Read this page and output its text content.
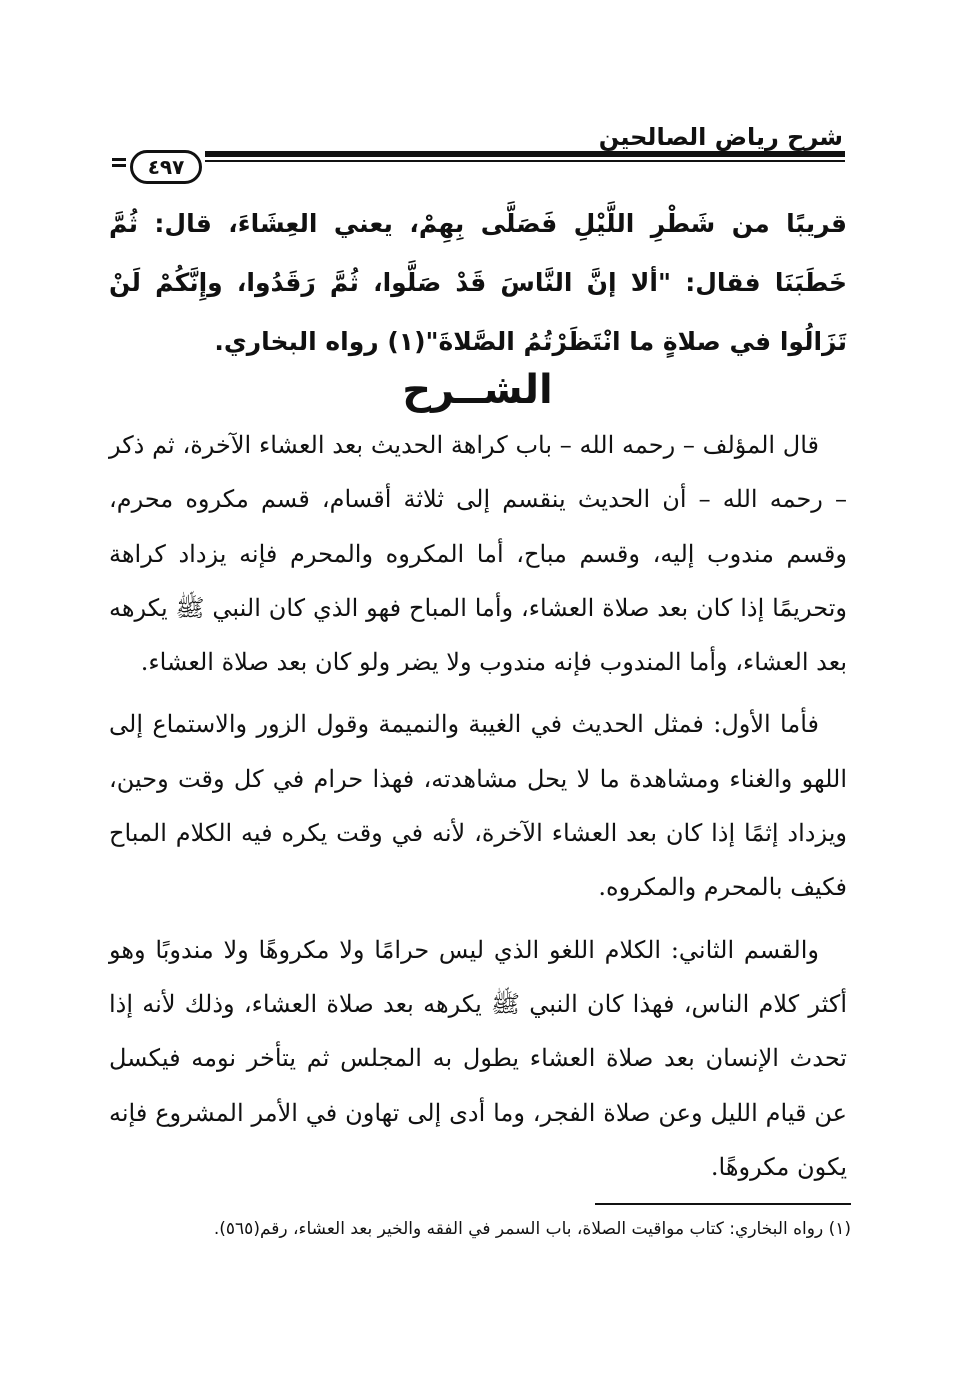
شرح رياض الصالحين
٤٩٧

قريبًا من شَطْرِ اللَّيْلِ فَصَلَّى بِهِمْ، يعني العِشَاءَ، قال: ثُمَّ خَطَبَنَا فقال: "ألا إنَّ النَّاسَ قَدْ صَلَّوا، ثُمَّ رَقَدُوا، وإِنَّكُمْ لَنْ تَزَالُوا في صلاةٍ ما انْتَظَرْتُمُ الصَّلاةَ"(١) رواه البخاري.

الشــرح

قال المؤلف – رحمه الله – باب كراهة الحديث بعد العشاء الآخرة، ثم ذكر – رحمه الله – أن الحديث ينقسم إلى ثلاثة أقسام، قسم مكروه محرم، وقسم مندوب إليه، وقسم مباح، أما المكروه والمحرم فإنه يزداد كراهة وتحريمًا إذا كان بعد صلاة العشاء، وأما المباح فهو الذي كان النبي ﷺ يكرهه بعد العشاء، وأما المندوب فإنه مندوب ولا يضر ولو كان بعد صلاة العشاء.

فأما الأول: فمثل الحديث في الغيبة والنميمة وقول الزور والاستماع إلى اللهو والغناء ومشاهدة ما لا يحل مشاهدته، فهذا حرام في كل وقت وحين، ويزداد إثمًا إذا كان بعد العشاء الآخرة، لأنه في وقت يكره فيه الكلام المباح فكيف بالمحرم والمكروه.

والقسم الثاني: الكلام اللغو الذي ليس حرامًا ولا مكروهًا ولا مندوبًا وهو أكثر كلام الناس، فهذا كان النبي ﷺ يكرهه بعد صلاة العشاء، وذلك لأنه إذا تحدث الإنسان بعد صلاة العشاء يطول به المجلس ثم يتأخر نومه فيكسل عن قيام الليل وعن صلاة الفجر، وما أدى إلى تهاون في الأمر المشروع فإنه يكون مكروهًا.

(١) رواه البخاري: كتاب مواقيت الصلاة، باب السمر في الفقه والخير بعد العشاء، رقم(٥٦٥).
